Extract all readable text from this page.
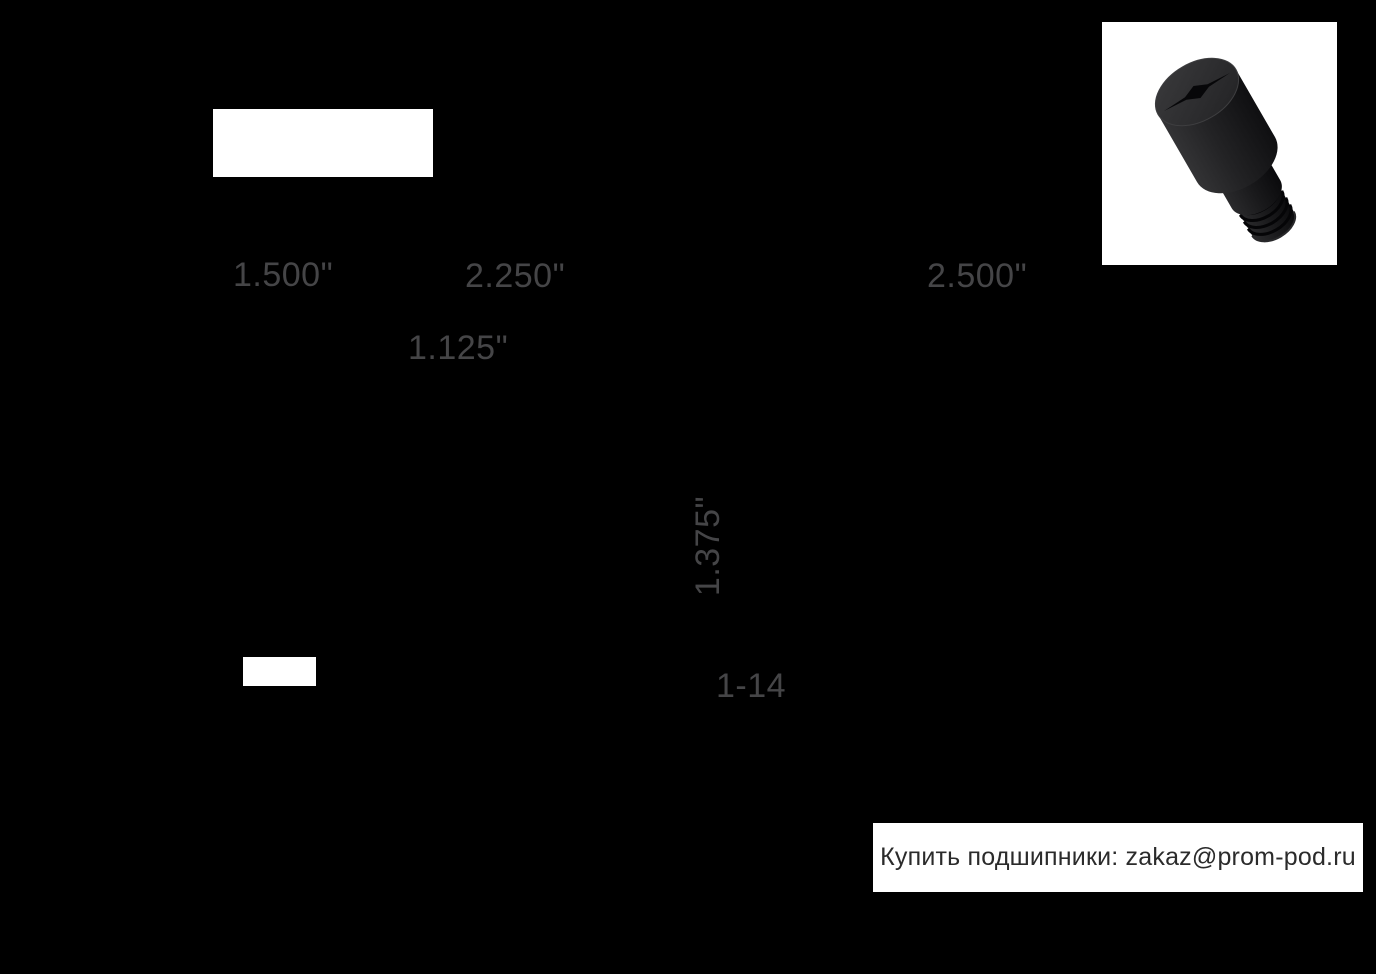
1.500"	2.250"	2.500"
1.125"
1.375"
1-14
Купить подшипники: zakaz@prom-pod.ru
